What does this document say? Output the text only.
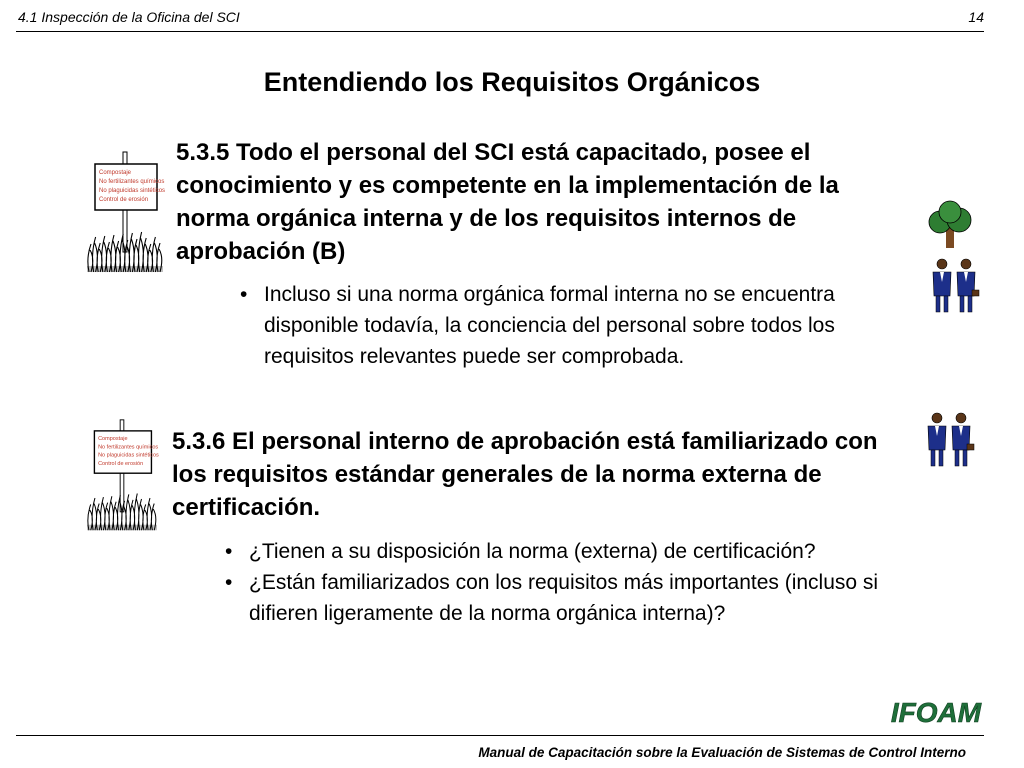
4.1 Inspección de la Oficina del SCI	14
Entendiendo los Requisitos Orgánicos
Compostaje
No fertilizantes químicos
No plaguicidas sintéticos
Control de erosión
5.3.5 Todo el personal del SCI está capacitado, posee el conocimiento y es competente en la implementación de la norma orgánica interna y de los requisitos internos de aprobación (B)
• Incluso si una norma orgánica formal interna no se encuentra disponible todavía, la conciencia del personal sobre todos los requisitos relevantes puede ser comprobada.
Compostaje
No fertilizantes químicos
No plaguicidas sintéticos
Control de erosión
5.3.6 El personal interno de aprobación está familiarizado con los requisitos estándar generales de la norma externa de certificación.
• ¿Tienen a su disposición la norma (externa) de certificación?
• ¿Están familiarizados con los requisitos más importantes (incluso si difieren ligeramente de la norma orgánica interna)?
IFOAM
Manual de Capacitación sobre la Evaluación de Sistemas de Control Interno
